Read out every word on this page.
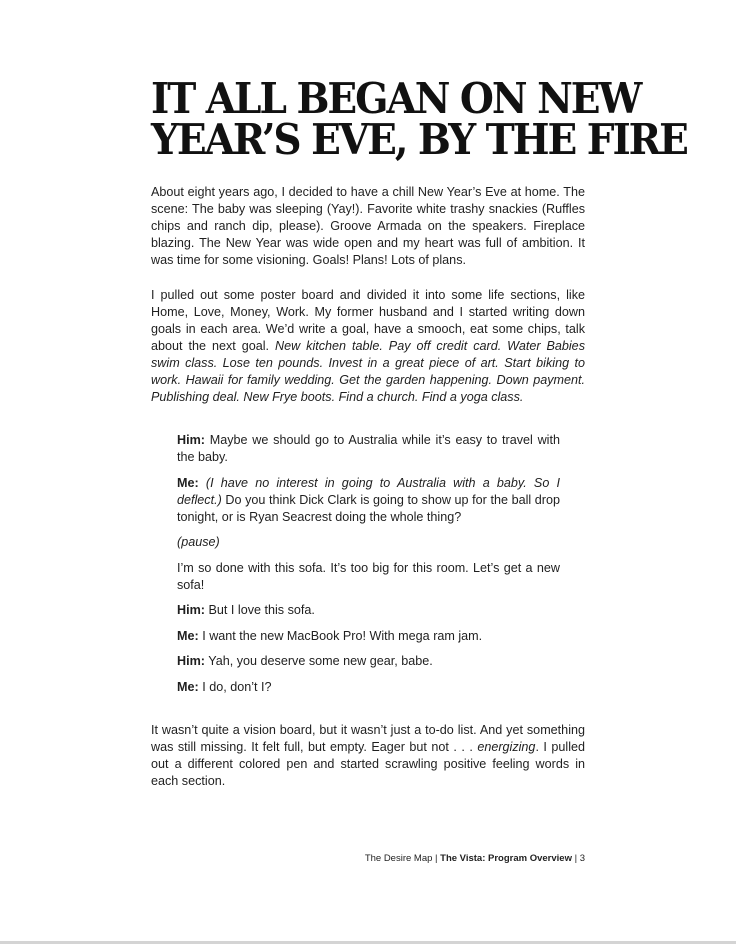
IT ALL BEGAN ON NEW
YEAR’S EVE, BY THE FIRE

About eight years ago, I decided to have a chill New Year’s Eve at home. The scene: The baby was sleeping (Yay!). Favorite white trashy snackies (Ruffles chips and ranch dip, please). Groove Armada on the speakers. Fireplace blazing. The New Year was wide open and my heart was full of ambition. It was time for some visioning. Goals! Plans! Lots of plans.

I pulled out some poster board and divided it into some life sections, like Home, Love, Money, Work. My former husband and I started writing down goals in each area. We’d write a goal, have a smooch, eat some chips, talk about the next goal. New kitchen table. Pay off credit card. Water Babies swim class. Lose ten pounds. Invest in a great piece of art. Start biking to work. Hawaii for family wedding. Get the garden happening. Down payment. Publishing deal. New Frye boots. Find a church. Find a yoga class.

Him: Maybe we should go to Australia while it’s easy to travel with the baby.

Me: (I have no interest in going to Australia with a baby. So I deflect.) Do you think Dick Clark is going to show up for the ball drop tonight, or is Ryan Seacrest doing the whole thing?

(pause)

I’m so done with this sofa. It’s too big for this room. Let’s get a new sofa!

Him: But I love this sofa.

Me: I want the new MacBook Pro! With mega ram jam.

Him: Yah, you deserve some new gear, babe.

Me: I do, don’t I?

It wasn’t quite a vision board, but it wasn’t just a to-do list. And yet something was still missing. It felt full, but empty. Eager but not . . . energizing. I pulled out a different colored pen and started scrawling positive feeling words in each section.

The Desire Map | The Vista: Program Overview | 3
